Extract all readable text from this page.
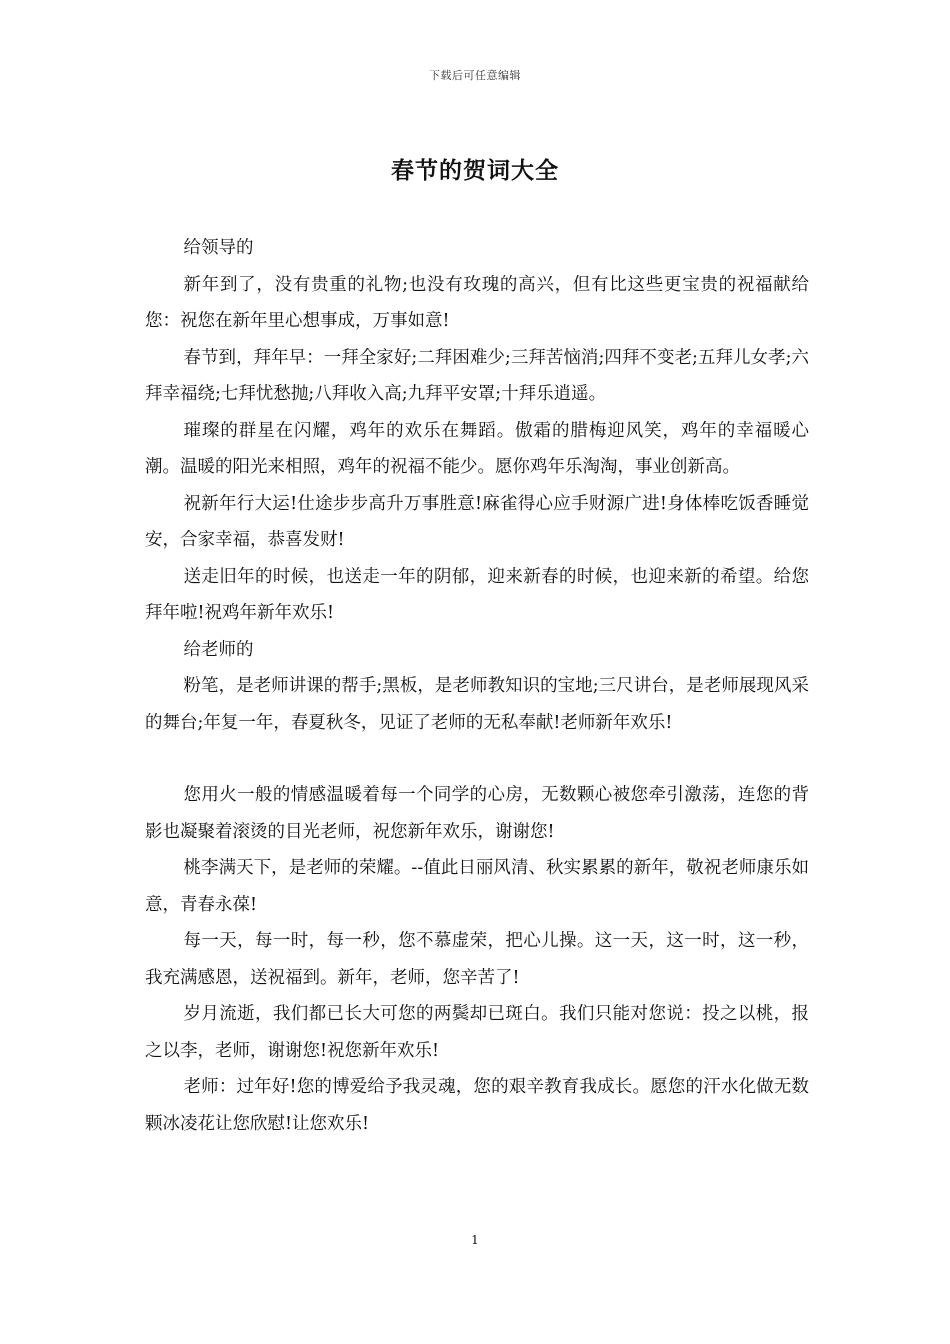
下载后可任意编辑
春节的贺词大全

给领导的

新年到了，没有贵重的礼物;也没有玫瑰的高兴，但有比这些更宝贵的祝福献给您：祝您在新年里心想事成，万事如意!

春节到，拜年早：一拜全家好;二拜困难少;三拜苦恼消;四拜不变老;五拜儿女孝;六拜幸福绕;七拜忧愁抛;八拜收入高;九拜平安罩;十拜乐逍遥。

璀璨的群星在闪耀，鸡年的欢乐在舞蹈。傲霜的腊梅迎风笑，鸡年的幸福暖心潮。温暖的阳光来相照，鸡年的祝福不能少。愿你鸡年乐淘淘，事业创新高。

祝新年行大运!仕途步步高升万事胜意!麻雀得心应手财源广进!身体棒吃饭香睡觉安，合家幸福，恭喜发财!

送走旧年的时候，也送走一年的阴郁，迎来新春的时候，也迎来新的希望。给您拜年啦!祝鸡年新年欢乐!

给老师的

粉笔，是老师讲课的帮手;黑板，是老师教知识的宝地;三尺讲台，是老师展现风采的舞台;年复一年，春夏秋冬，见证了老师的无私奉献!老师新年欢乐!

您用火一般的情感温暖着每一个同学的心房，无数颗心被您牵引激荡，连您的背影也凝聚着滚烫的目光老师，祝您新年欢乐，谢谢您!

桃李满天下，是老师的荣耀。--值此日丽风清、秋实累累的新年，敬祝老师康乐如意，青春永葆!

每一天，每一时，每一秒，您不慕虚荣，把心儿操。这一天，这一时，这一秒，我充满感恩，送祝福到。新年，老师，您辛苦了!

岁月流逝，我们都已长大可您的两鬓却已斑白。我们只能对您说：投之以桃，报之以李，老师，谢谢您!祝您新年欢乐!

老师：过年好!您的博爱给予我灵魂，您的艰辛教育我成长。愿您的汗水化做无数颗冰凌花让您欣慰!让您欢乐!

1
